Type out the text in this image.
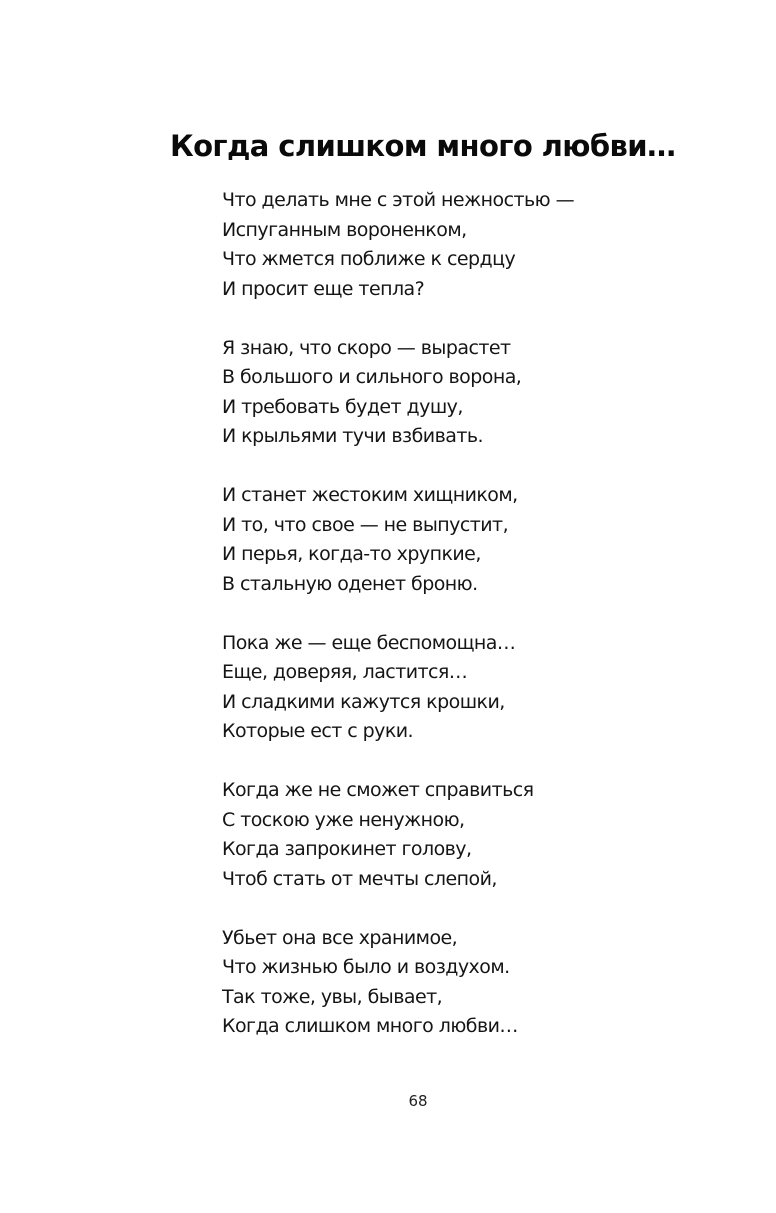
Когда слишком много любви…
Что делать мне с этой нежностью —
Испуганным вороненком,
Что жмется поближе к сердцу
И просит еще тепла?
Я знаю, что скоро — вырастет
В большого и сильного ворона,
И требовать будет душу,
И крыльями тучи взбивать.
И станет жестоким хищником,
И то, что свое — не выпустит,
И перья, когда-то хрупкие,
В стальную оденет броню.
Пока же — еще беспомощна…
Еще, доверяя, ластится…
И сладкими кажутся крошки,
Которые ест с руки.
Когда же не сможет справиться
С тоскою уже ненужною,
Когда запрокинет голову,
Чтоб стать от мечты слепой,
Убьет она все хранимое,
Что жизнью было и воздухом.
Так тоже, увы, бывает,
Когда слишком много любви…
68
